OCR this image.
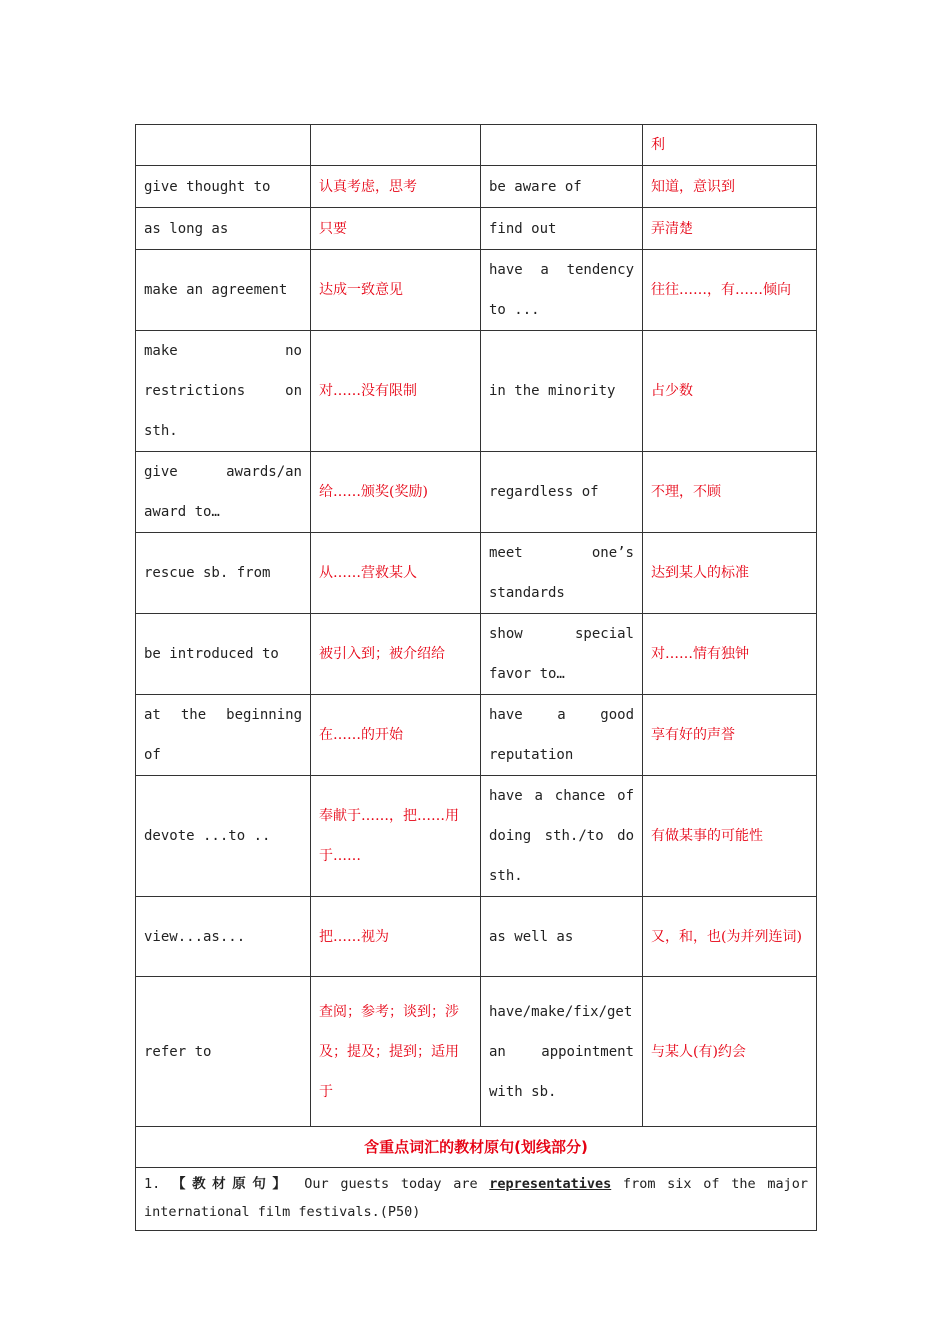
			利
give thought to	认真考虑，思考	be aware of	知道，意识到
as long as	只要	find out	弄清楚
make an agreement	达成一致意见	have a tendency to ...	往往……，有……倾向
make no restrictions on sth.	对……没有限制	in the minority	占少数
give awards/an award to…	给……颁奖(奖励)	regardless of	不理，不顾
rescue sb. from	从……营救某人	meet one’s standards	达到某人的标准
be introduced to	被引入到；被介绍给	show special favor to…	对……情有独钟
at the beginning of	在……的开始	have a good reputation	享有好的声誉
devote ...to ..	奉献于……，把……用于……	have a chance of doing sth./to do sth.	有做某事的可能性
view...as...	把……视为	as well as	又，和，也(为并列连词)
refer to	查阅；参考；谈到；涉及；提及；提到；适用于	have/make/fix/get an appointment with sb.	与某人(有)约会
含重点词汇的教材原句(划线部分)			
1. 【教材原句】 Our guests today are representatives from six of the major international film festivals.(P50)			
